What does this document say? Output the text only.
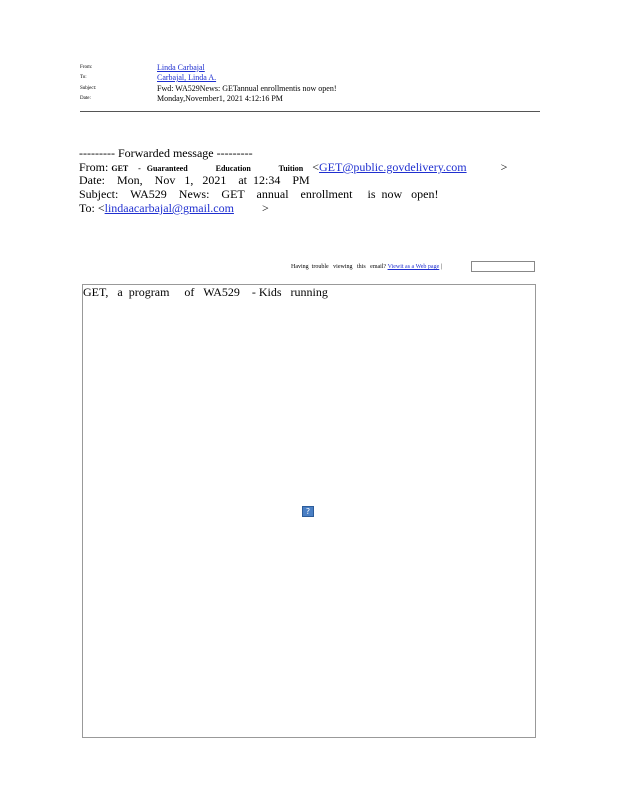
From:	Linda Carbajal
To:	Carbajal, Linda A.
Subject:	Fwd: WA529News: GETannual enrollmentis now open!
Date:	Monday,November1, 2021 4:12:16 PM
--------- Forwarded message ---------
From: GET     -   Guaranteed              Education              Tuition   <GET@public.govdelivery.com	>
Date:    Mon,    Nov   1,   2021    at  12:34    PM
Subject:    WA529    News:    GET    annual    enrollment     is  now   open!
To: <lindaacarbajal@gmail.com >
Having  trouble   viewing   this   email? Viewit as a Web page |
GET,   a  program     of   WA529    - Kids   running
?
